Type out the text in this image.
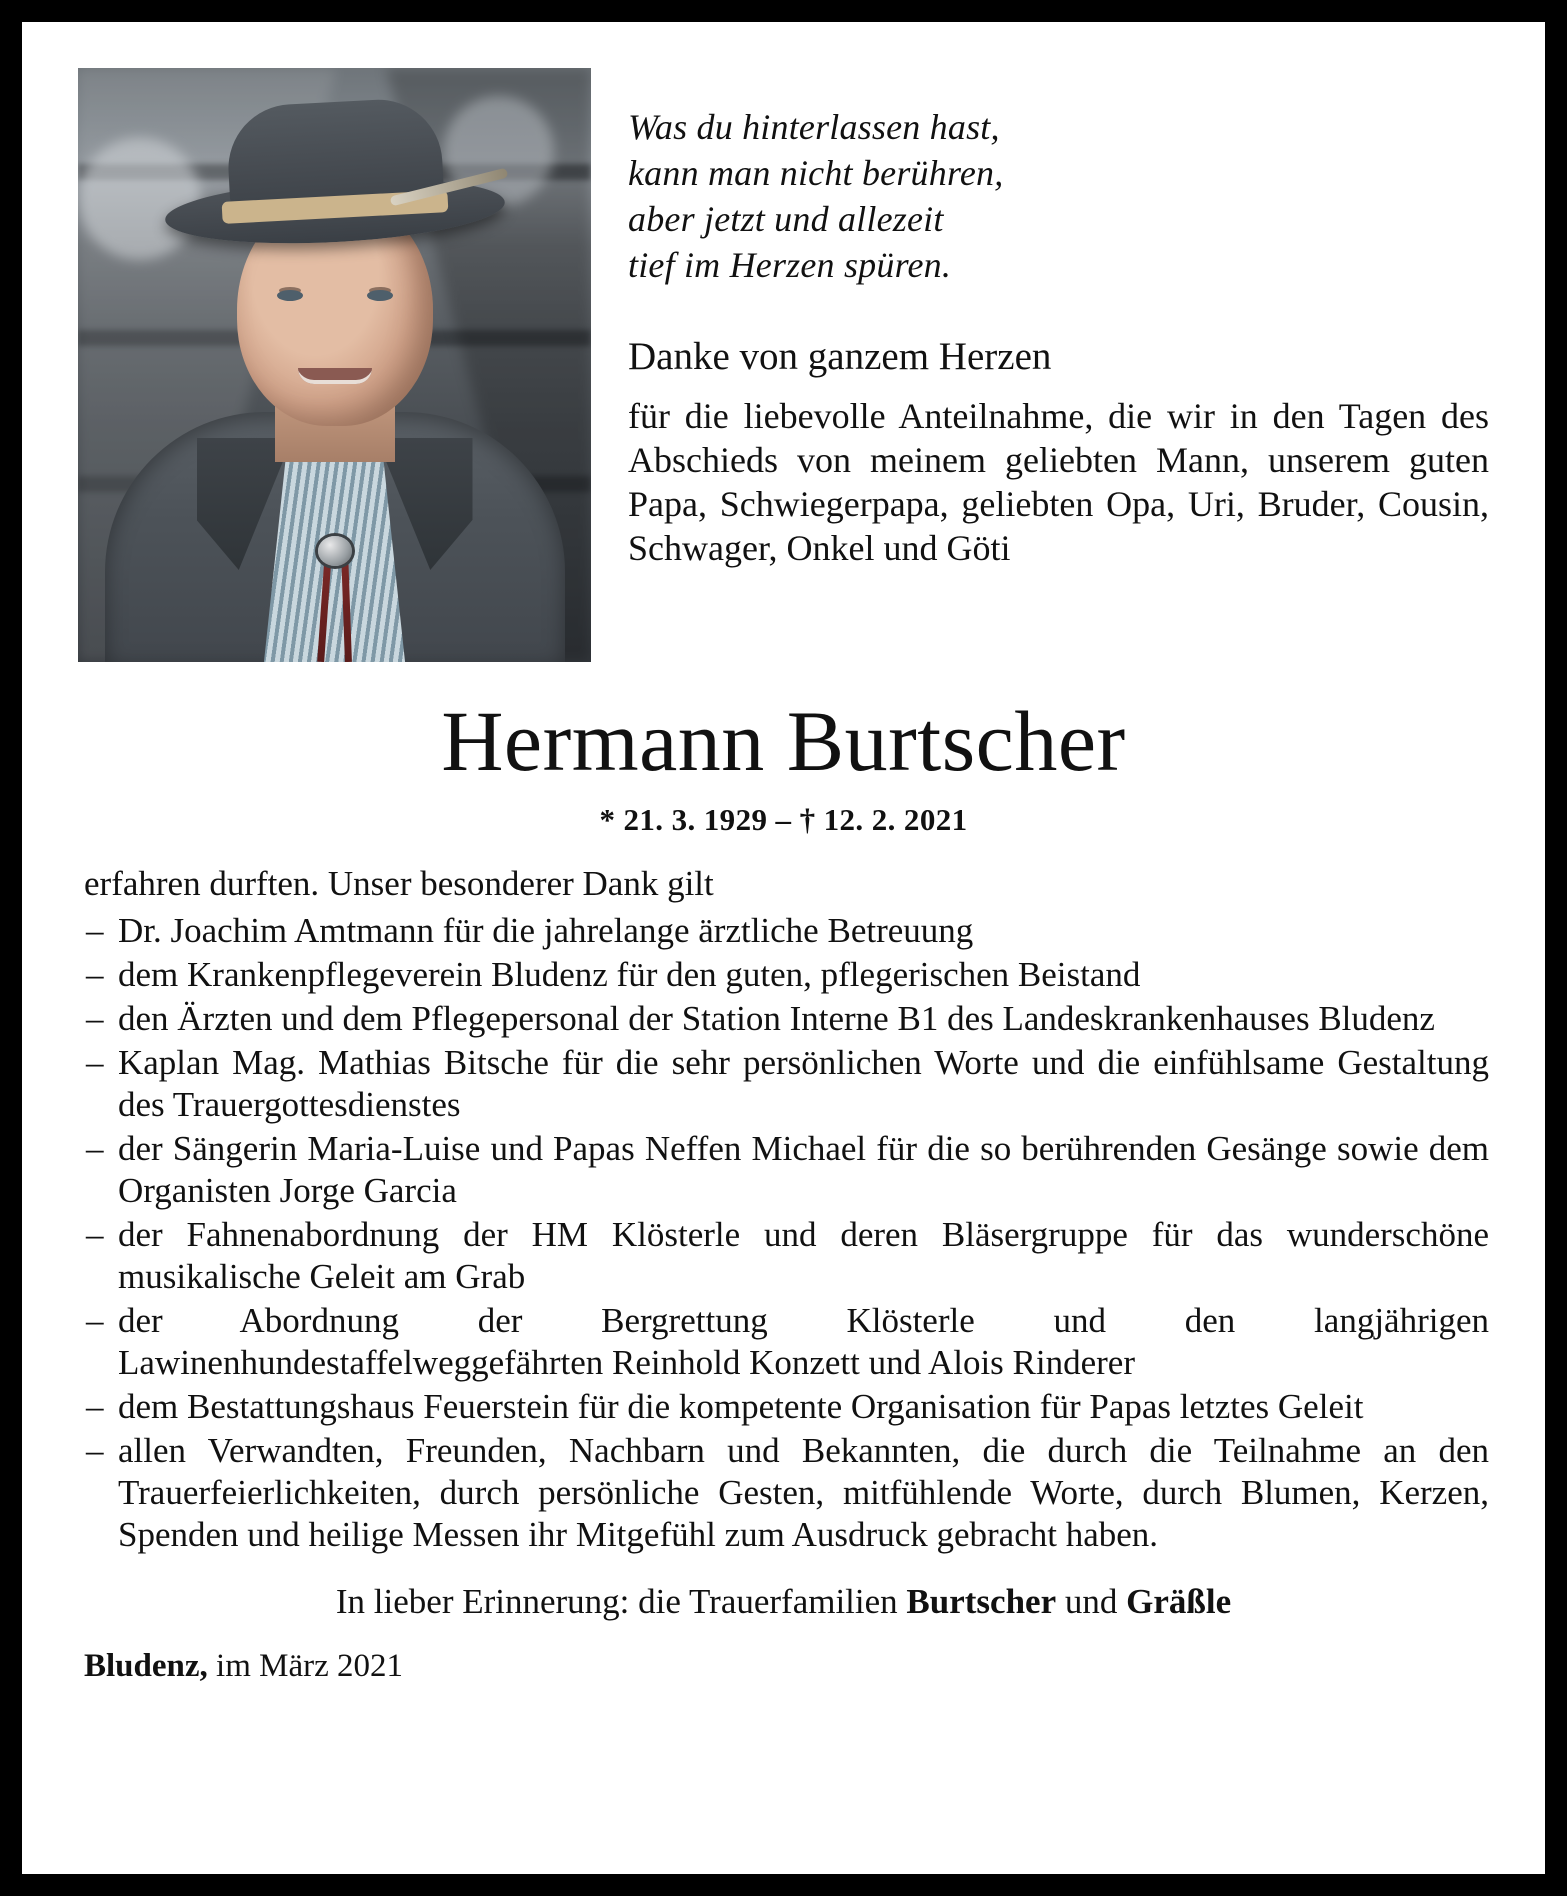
Was du hinterlassen hast,
kann man nicht berühren,
aber jetzt und allezeit
tief im Herzen spüren.
Danke von ganzem Herzen
für die liebevolle Anteilnahme, die wir in den Tagen des Abschieds von meinem geliebten Mann, unserem guten Papa, Schwiegerpapa, geliebten Opa, Uri, Bruder, Cousin, Schwager, Onkel und Göti
Hermann Burtscher
* 21. 3. 1929 – † 12. 2. 2021
erfahren durften. Unser besonderer Dank gilt
– Dr. Joachim Amtmann für die jahrelange ärztliche Betreuung
– dem Krankenpflegeverein Bludenz für den guten, pflegerischen Beistand
– den Ärzten und dem Pflegepersonal der Station Interne B1 des Landeskrankenhauses Bludenz
– Kaplan Mag. Mathias Bitsche für die sehr persönlichen Worte und die einfühlsame Gestaltung des Trauergottesdienstes
– der Sängerin Maria-Luise und Papas Neffen Michael für die so berührenden Gesänge sowie dem Organisten Jorge Garcia
– der Fahnenabordnung der HM Klösterle und deren Bläsergruppe für das wunderschöne musikalische Geleit am Grab
– der Abordnung der Bergrettung Klösterle und den langjährigen Lawinenhundestaffelweggefährten Reinhold Konzett und Alois Rinderer
– dem Bestattungshaus Feuerstein für die kompetente Organisation für Papas letztes Geleit
– allen Verwandten, Freunden, Nachbarn und Bekannten, die durch die Teilnahme an den Trauerfeierlichkeiten, durch persönliche Gesten, mitfühlende Worte, durch Blumen, Kerzen, Spenden und heilige Messen ihr Mitgefühl zum Ausdruck gebracht haben.
In lieber Erinnerung: die Trauerfamilien Burtscher und Gräßle
Bludenz, im März 2021
